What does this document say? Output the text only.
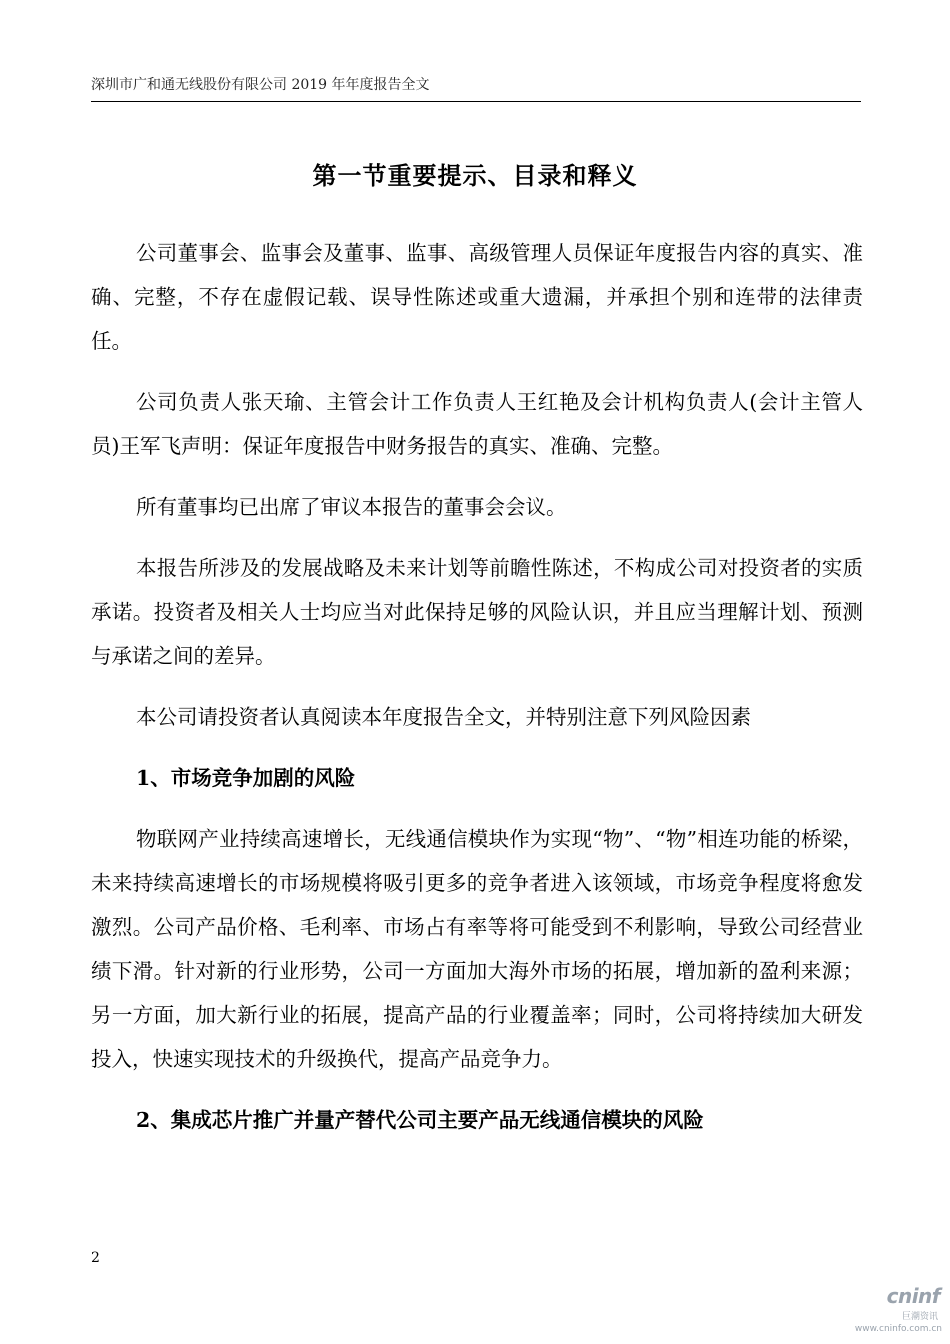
深圳市广和通无线股份有限公司 2019 年年度报告全文
第一节重要提示、目录和释义

公司董事会、监事会及董事、监事、高级管理人员保证年度报告内容的真实、准确、完整，不存在虚假记载、误导性陈述或重大遗漏，并承担个别和连带的法律责任。

公司负责人张天瑜、主管会计工作负责人王红艳及会计机构负责人(会计主管人员)王军飞声明：保证年度报告中财务报告的真实、准确、完整。

所有董事均已出席了审议本报告的董事会会议。

本报告所涉及的发展战略及未来计划等前瞻性陈述，不构成公司对投资者的实质承诺。投资者及相关人士均应当对此保持足够的风险认识，并且应当理解计划、预测与承诺之间的差异。

本公司请投资者认真阅读本年度报告全文，并特别注意下列风险因素

1、市场竞争加剧的风险

物联网产业持续高速增长，无线通信模块作为实现“物”、“物”相连功能的桥梁，未来持续高速增长的市场规模将吸引更多的竞争者进入该领域，市场竞争程度将愈发激烈。公司产品价格、毛利率、市场占有率等将可能受到不利影响，导致公司经营业绩下滑。针对新的行业形势，公司一方面加大海外市场的拓展，增加新的盈利来源；另一方面，加大新行业的拓展，提高产品的行业覆盖率；同时，公司将持续加大研发投入，快速实现技术的升级换代，提高产品竞争力。

2、集成芯片推广并量产替代公司主要产品无线通信模块的风险

2
cninf
巨潮资讯
www.cninfo.com.cn
